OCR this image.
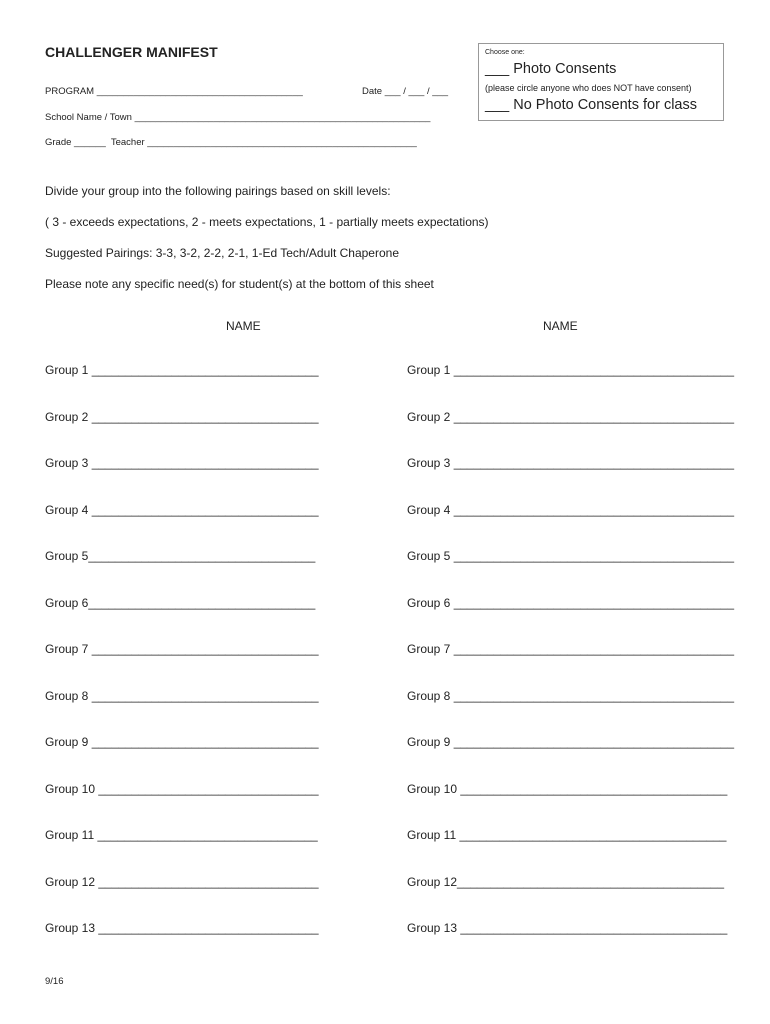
CHALLENGER MANIFEST
PROGRAM _______________________________________	Date ___ / ___ / ___
School Name / Town ________________________________________________________
Grade ______  Teacher ___________________________________________________
Choose one:
___ Photo Consents
(please circle anyone who does NOT have consent)
___ No Photo Consents for class
Divide your group into the following pairings based on skill levels:
( 3 - exceeds expectations, 2 - meets expectations, 1 - partially meets expectations)
Suggested Pairings: 3-3, 3-2, 2-2, 2-1, 1-Ed Tech/Adult Chaperone
Please note any specific need(s) for student(s) at the bottom of this sheet
NAME	NAME
Group 1 __________________________________
Group 2 __________________________________
Group 3 __________________________________
Group 4 __________________________________
Group 5__________________________________
Group 6__________________________________
Group 7 __________________________________
Group 8 __________________________________
Group 9 __________________________________
Group 10 _________________________________
Group 11 _________________________________
Group 12 _________________________________
Group 13 _________________________________
Group 1 __________________________________________
Group 2 __________________________________________
Group 3 __________________________________________
Group 4 __________________________________________
Group 5 __________________________________________
Group 6 __________________________________________
Group 7 __________________________________________
Group 8 __________________________________________
Group 9 __________________________________________
Group 10 ________________________________________
Group 11 ________________________________________
Group 12________________________________________
Group 13 ________________________________________
9/16
